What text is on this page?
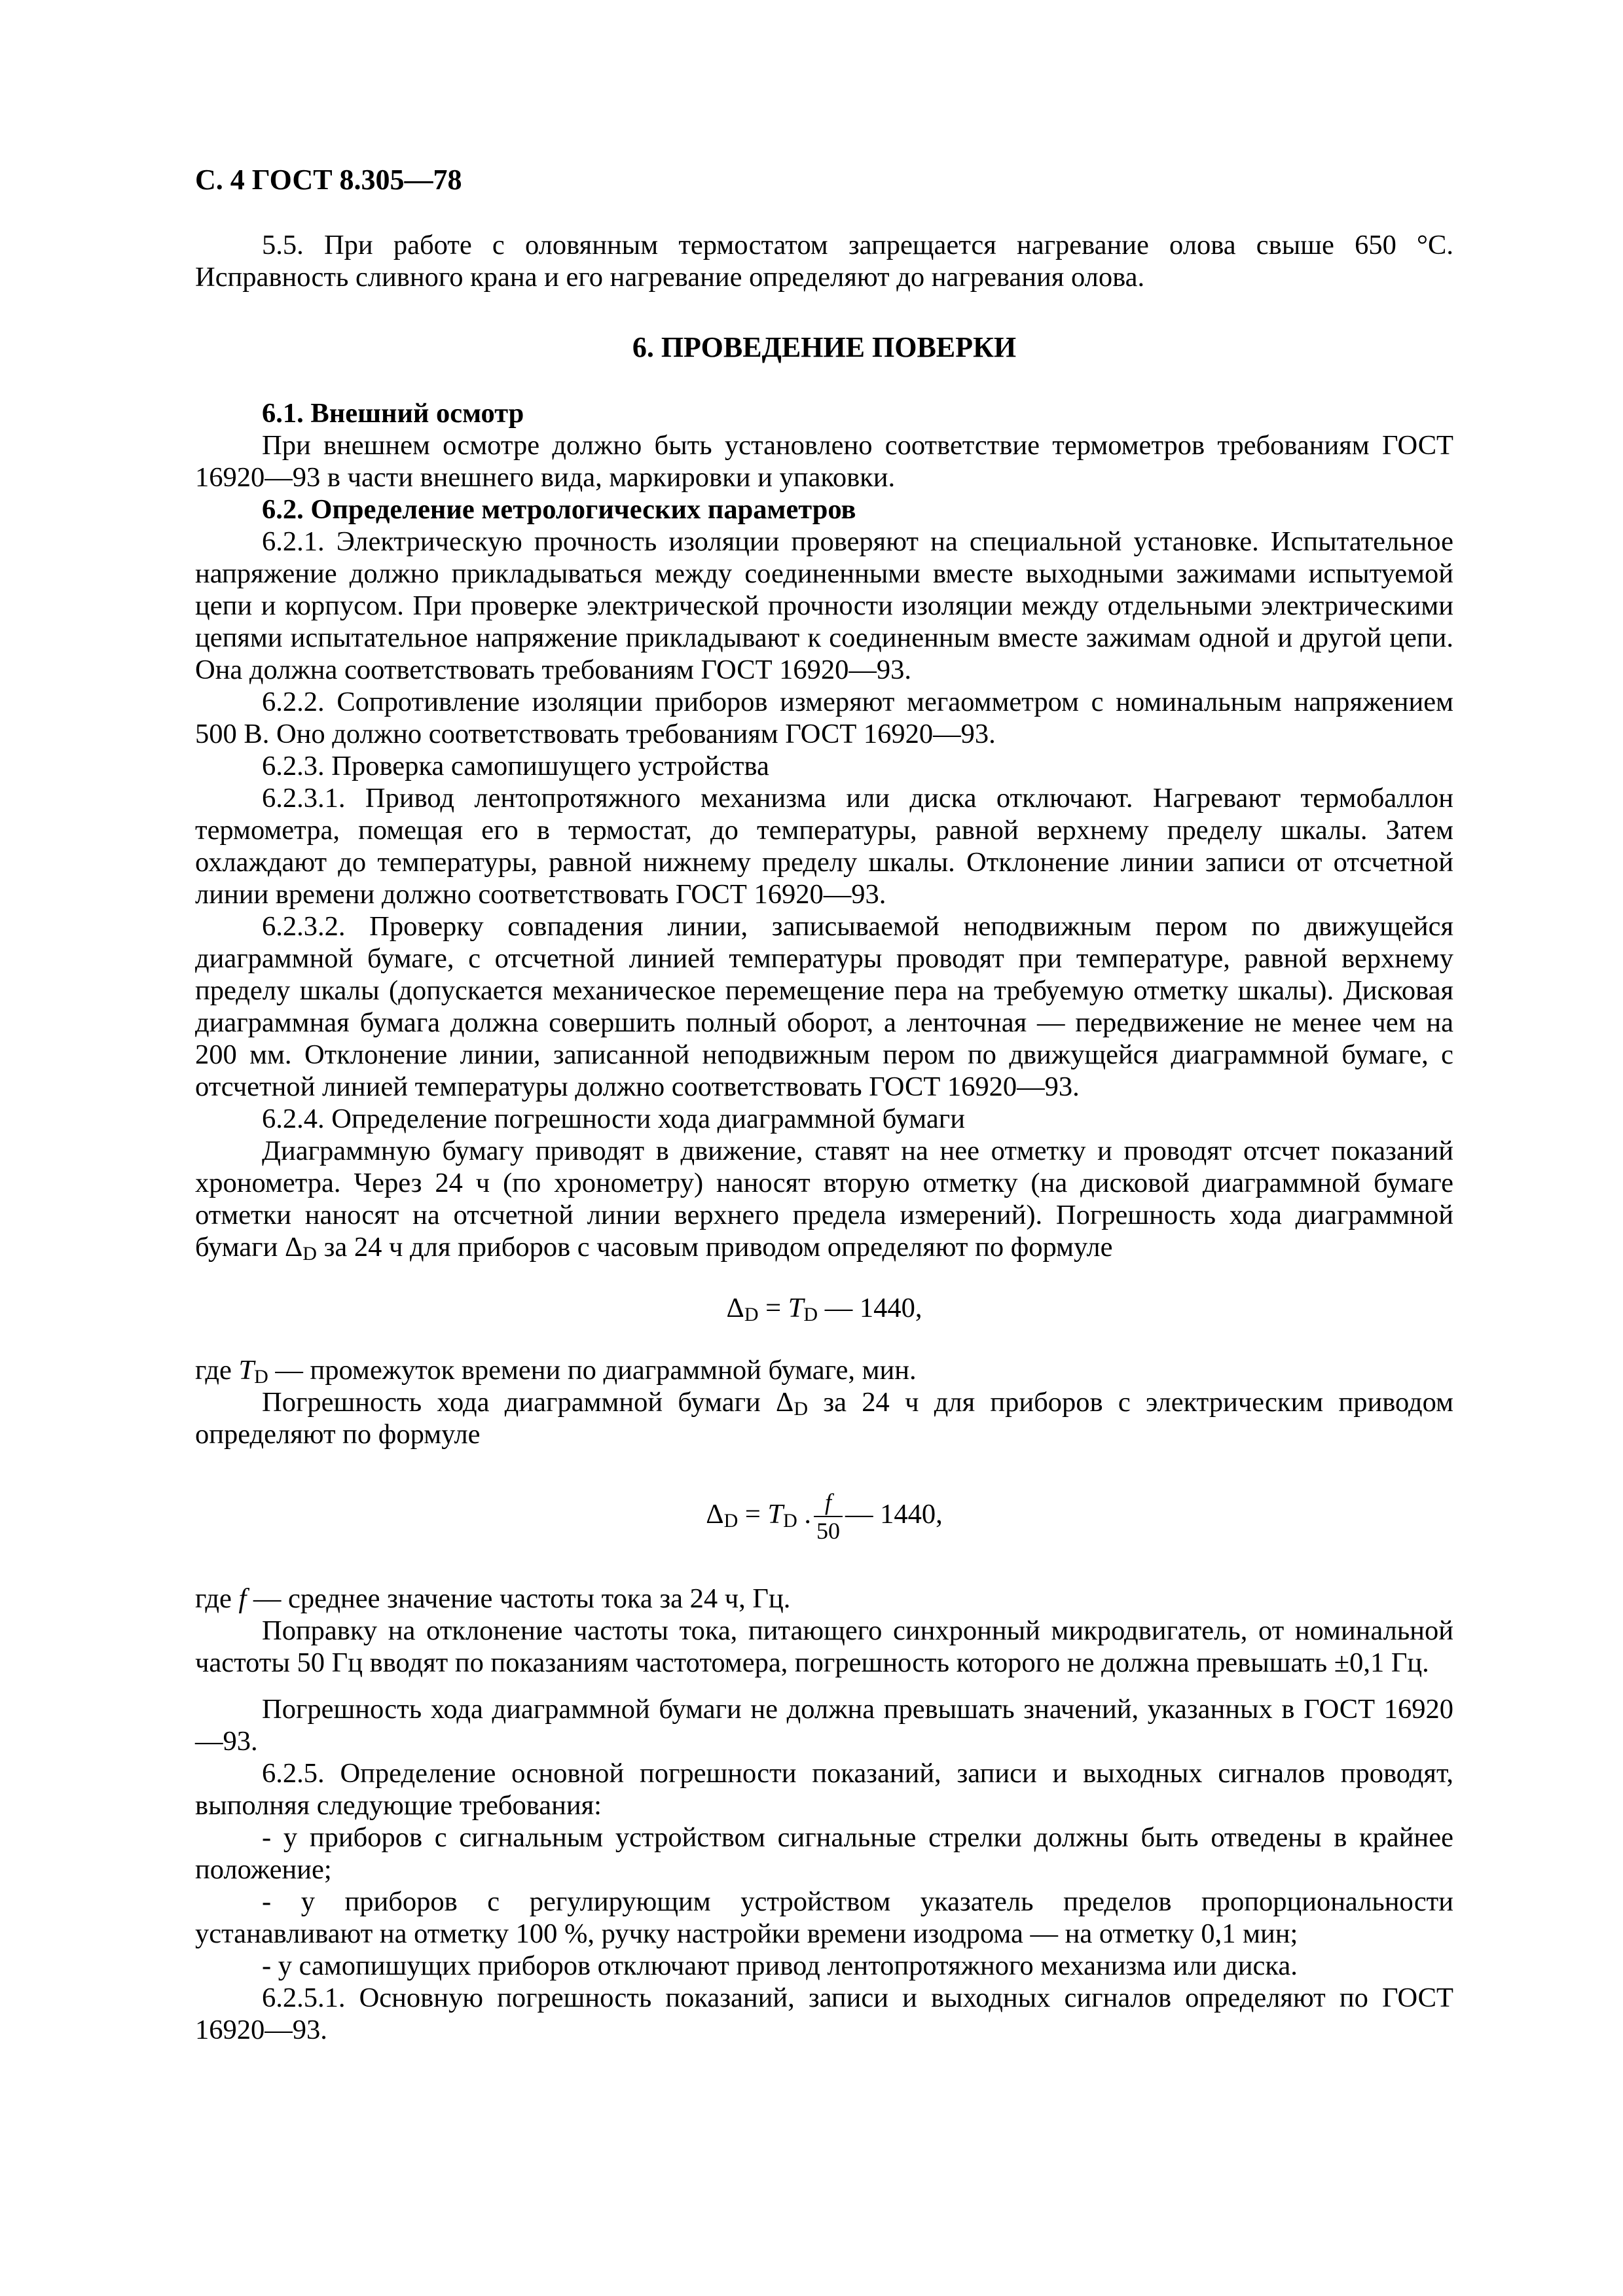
С. 4 ГОСТ 8.305—78

5.5. При работе с оловянным термостатом запрещается нагревание олова свыше 650 °С. Исправность сливного крана и его нагревание определяют до нагревания олова.

6. ПРОВЕДЕНИЕ ПОВЕРКИ

6.1. Внешний осмотр

При внешнем осмотре должно быть установлено соответствие термометров требованиям ГОСТ 16920—93 в части внешнего вида, маркировки и упаковки.

6.2. Определение метрологических параметров

6.2.1. Электрическую прочность изоляции проверяют на специальной установке. Испытательное напряжение должно прикладываться между соединенными вместе выходными зажимами испытуемой цепи и корпусом. При проверке электрической прочности изоляции между отдельными электрическими цепями испытательное напряжение прикладывают к соединенным вместе зажимам одной и другой цепи. Она должна соответствовать требованиям ГОСТ 16920—93.

6.2.2. Сопротивление изоляции приборов измеряют мегаомметром с номинальным напряжением 500 В. Оно должно соответствовать требованиям ГОСТ 16920—93.

6.2.3. Проверка самопишущего устройства

6.2.3.1. Привод лентопротяжного механизма или диска отключают. Нагревают термобаллон термометра, помещая его в термостат, до температуры, равной верхнему пределу шкалы. Затем охлаждают до температуры, равной нижнему пределу шкалы. Отклонение линии записи от отсчетной линии времени должно соответствовать ГОСТ 16920—93.

6.2.3.2. Проверку совпадения линии, записываемой неподвижным пером по движущейся диаграммной бумаге, с отсчетной линией температуры проводят при температуре, равной верхнему пределу шкалы (допускается механическое перемещение пера на требуемую отметку шкалы). Дисковая диаграммная бумага должна совершить полный оборот, а ленточная — передвижение не менее чем на 200 мм. Отклонение линии, записанной неподвижным пером по движущейся диаграммной бумаге, с отсчетной линией температуры должно соответствовать ГОСТ 16920—93.

6.2.4. Определение погрешности хода диаграммной бумаги

Диаграммную бумагу приводят в движение, ставят на нее отметку и проводят отсчет показаний хронометра. Через 24 ч (по хронометру) наносят вторую отметку (на дисковой диаграммной бумаге отметки наносят на отсчетной линии верхнего предела измерений). Погрешность хода диаграммной бумаги $\Delta_D$ за 24 ч для приборов с часовым приводом определяют по формуле

$\Delta_D = T_D$ — 1440,

где $T_D$ — промежуток времени по диаграммной бумаге, мин.

Погрешность хода диаграммной бумаги $\Delta_D$ за 24 ч для приборов с электрическим приводом определяют по формуле

$\Delta_D = T_D$ . $\frac{f}{50}$ — 1440,

где f — среднее значение частоты тока за 24 ч, Гц.

Поправку на отклонение частоты тока, питающего синхронный микродвигатель, от номинальной частоты 50 Гц вводят по показаниям частотомера, погрешность которого не должна превышать ±0,1 Гц.

Погрешность хода диаграммной бумаги не должна превышать значений, указанных в ГОСТ 16920—93.

6.2.5. Определение основной погрешности показаний, записи и выходных сигналов проводят, выполняя следующие требования:

- у приборов с сигнальным устройством сигнальные стрелки должны быть отведены в крайнее положение;

- у приборов с регулирующим устройством указатель пределов пропорциональности устанавливают на отметку 100 %, ручку настройки времени изодрома — на отметку 0,1 мин;

- у самопишущих приборов отключают привод лентопротяжного механизма или диска.

6.2.5.1. Основную погрешность показаний, записи и выходных сигналов определяют по ГОСТ 16920—93.
